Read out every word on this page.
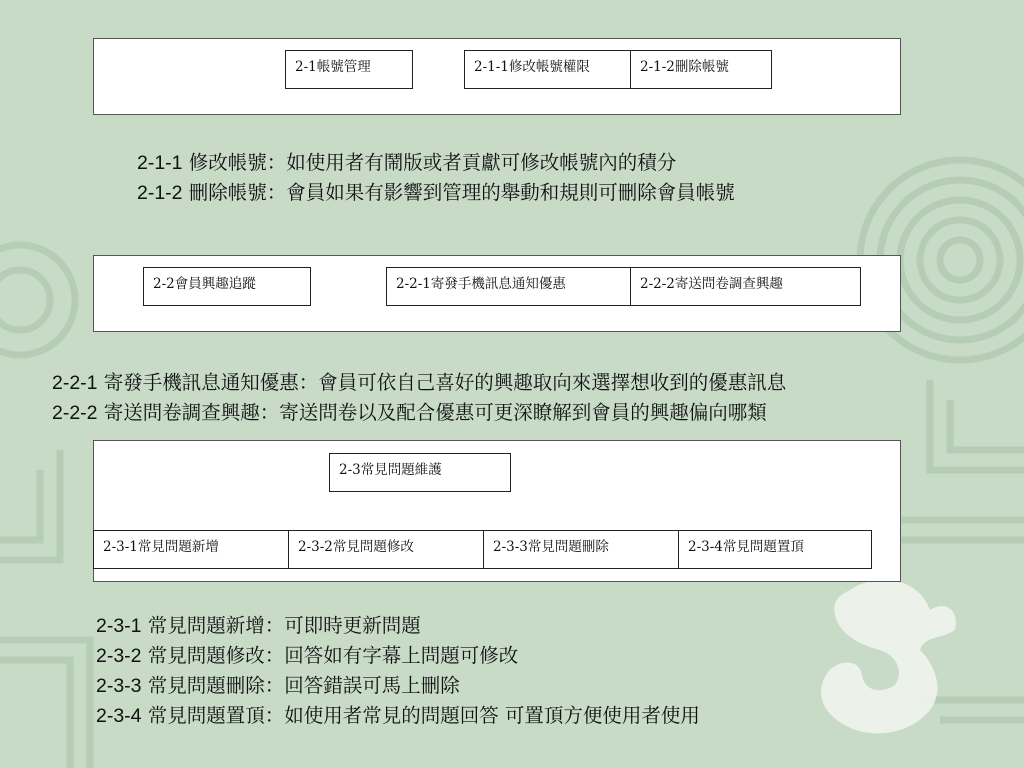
2-1帳號管理	2-1-1修改帳號權限	2-1-2刪除帳號
2-1-1 修改帳號：如使用者有鬧版或者貢獻可修改帳號內的積分
2-1-2 刪除帳號：會員如果有影響到管理的舉動和規則可刪除會員帳號
2-2會員興趣追蹤	2-2-1寄發手機訊息通知優惠	2-2-2寄送問卷調查興趣
2-2-1 寄發手機訊息通知優惠：會員可依自己喜好的興趣取向來選擇想收到的優惠訊息
2-2-2 寄送問卷調查興趣：寄送問卷以及配合優惠可更深瞭解到會員的興趣偏向哪類
2-3常見問題維護
2-3-1常見問題新增	2-3-2常見問題修改	2-3-3常見問題刪除	2-3-4常見問題置頂
2-3-1 常見問題新增：可即時更新問題
2-3-2 常見問題修改：回答如有字幕上問題可修改
2-3-3 常見問題刪除：回答錯誤可馬上刪除
2-3-4 常見問題置頂：如使用者常見的問題回答 可置頂方便使用者使用
